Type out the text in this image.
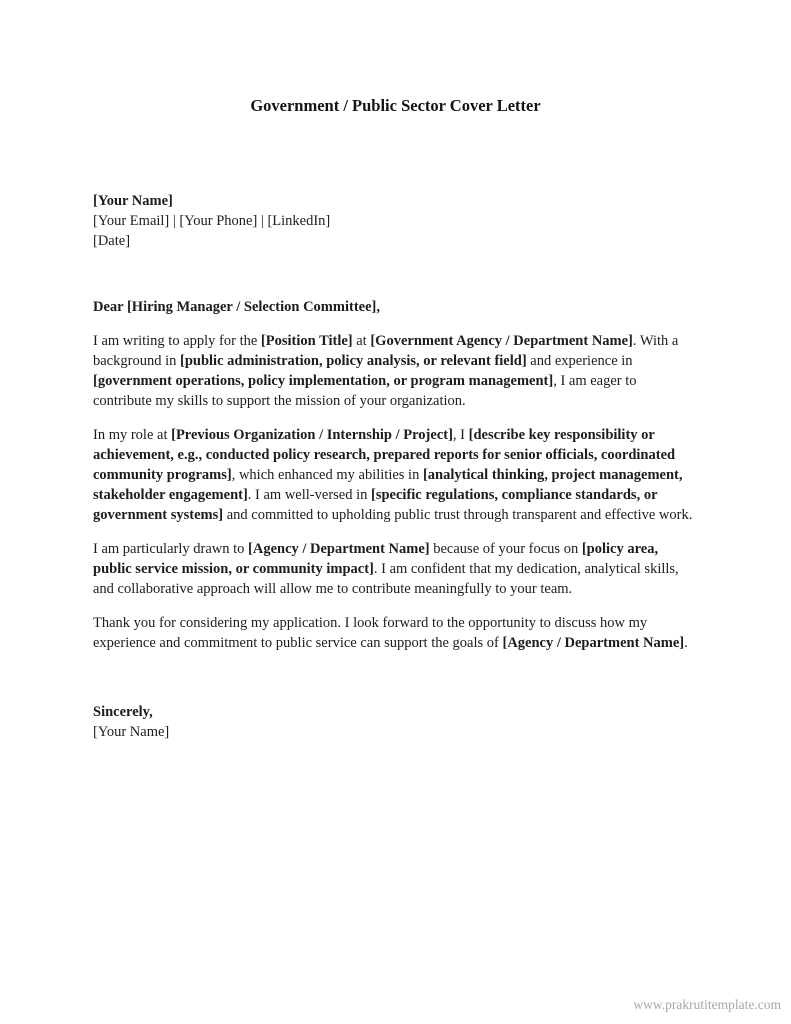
Government / Public Sector Cover Letter

[Your Name]

[Your Email] | [Your Phone] | [LinkedIn]

[Date]

Dear [Hiring Manager / Selection Committee],

I am writing to apply for the [Position Title] at [Government Agency / Department Name]. With a background in [public administration, policy analysis, or relevant field] and experience in [government operations, policy implementation, or program management], I am eager to contribute my skills to support the mission of your organization.

In my role at [Previous Organization / Internship / Project], I [describe key responsibility or achievement, e.g., conducted policy research, prepared reports for senior officials, coordinated community programs], which enhanced my abilities in [analytical thinking, project management, stakeholder engagement]. I am well-versed in [specific regulations, compliance standards, or government systems] and committed to upholding public trust through transparent and effective work.

I am particularly drawn to [Agency / Department Name] because of your focus on [policy area, public service mission, or community impact]. I am confident that my dedication, analytical skills, and collaborative approach will allow me to contribute meaningfully to your team.

Thank you for considering my application. I look forward to the opportunity to discuss how my experience and commitment to public service can support the goals of [Agency / Department Name].

Sincerely,

[Your Name]

www.prakrutitemplate.com
